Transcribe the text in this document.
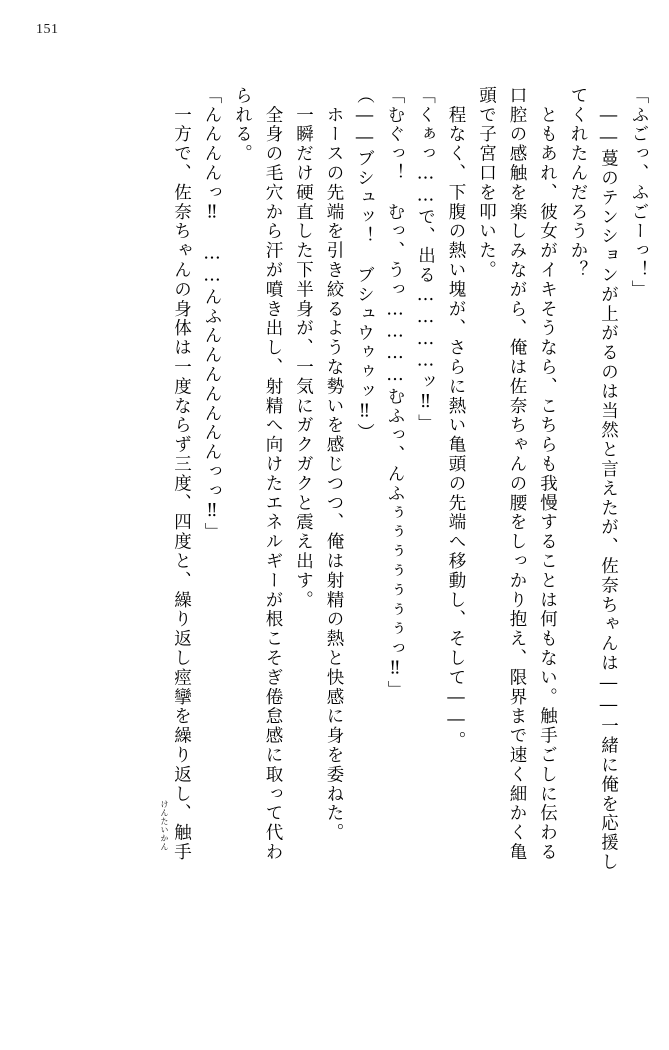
151
「ふごっ、ふごーっ！」
　――蔓のテンションが上がるのは当然と言えたが、佐奈ちゃんは――一緒に俺を応援し
てくれたんだろうか？
　ともあれ、彼女がイキそうなら、こちらも我慢することは何もない。触手ごしに伝わる
口腔の感触を楽しみながら、俺は佐奈ちゃんの腰をしっかり抱え、限界まで速く細かく亀
頭で子宮口を叩いた。
　程なく、下腹の熱い塊が、さらに熱い亀頭の先端へ移動し、そして――。
「くぁっ……で、出る…………ッ‼」
「むぐっ！　むっ、うっ…………むふっ、んふぅぅぅぅぅぅぅっ‼」
（――ブシュッ！　ブシュウゥゥッ‼）
　ホースの先端を引き絞るような勢いを感じつつ、俺は射精の熱と快感に身を委ねた。
　一瞬だけ硬直した下半身が、一気にガクガクと震え出す。
　全身の毛穴から汗が噴き出し、射精へ向けたエネルギーが根こそぎ倦怠感に取って代わ
られる。
「んんんんっ‼　……んふんんんんんんんっっ‼」
　一方で、佐奈ちゃんの身体は一度ならず三度、四度と、繰り返し痙攣を繰り返し、触手
けんたいかん
